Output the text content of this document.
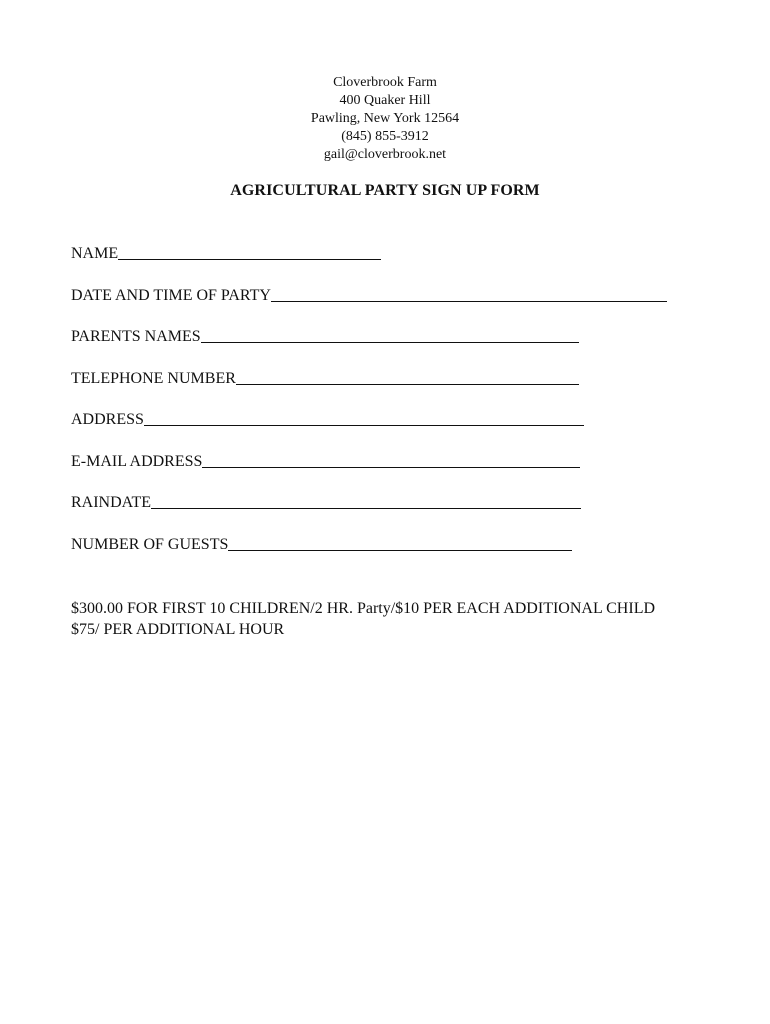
Cloverbrook Farm
400 Quaker Hill
Pawling, New York 12564
(845) 855-3912
gail@cloverbrook.net
AGRICULTURAL PARTY SIGN UP FORM
NAME
DATE AND TIME OF PARTY
PARENTS NAMES
TELEPHONE NUMBER
ADDRESS
E-MAIL ADDRESS
RAINDATE
NUMBER OF GUESTS
$300.00 FOR FIRST 10 CHILDREN/2 HR. Party/$10 PER EACH ADDITIONAL CHILD
$75/ PER ADDITIONAL HOUR
